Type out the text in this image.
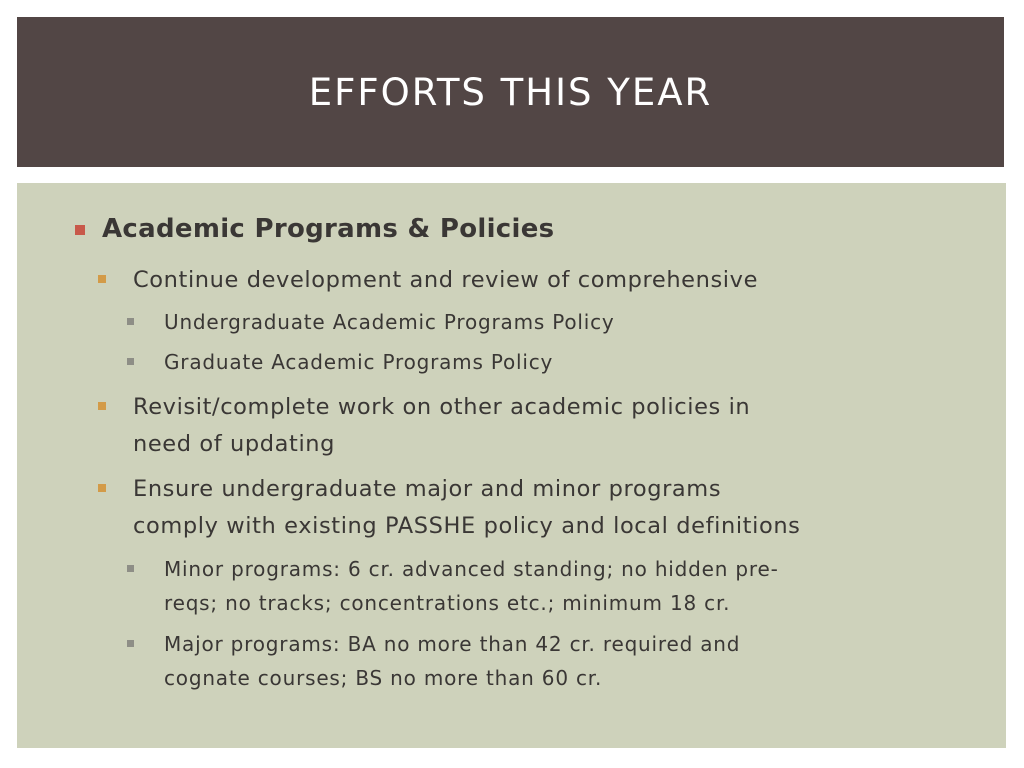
EFFORTS THIS YEAR
Academic Programs & Policies
Continue development and review of comprehensive
Undergraduate Academic Programs Policy
Graduate Academic Programs Policy
Revisit/complete work on other academic policies in
need of updating
Ensure undergraduate major and minor programs
comply with existing PASSHE policy and local definitions
Minor programs: 6 cr. advanced standing; no hidden pre-
reqs; no tracks; concentrations etc.; minimum 18 cr.
Major programs: BA no more than 42 cr. required and
cognate courses; BS no more than 60 cr.
